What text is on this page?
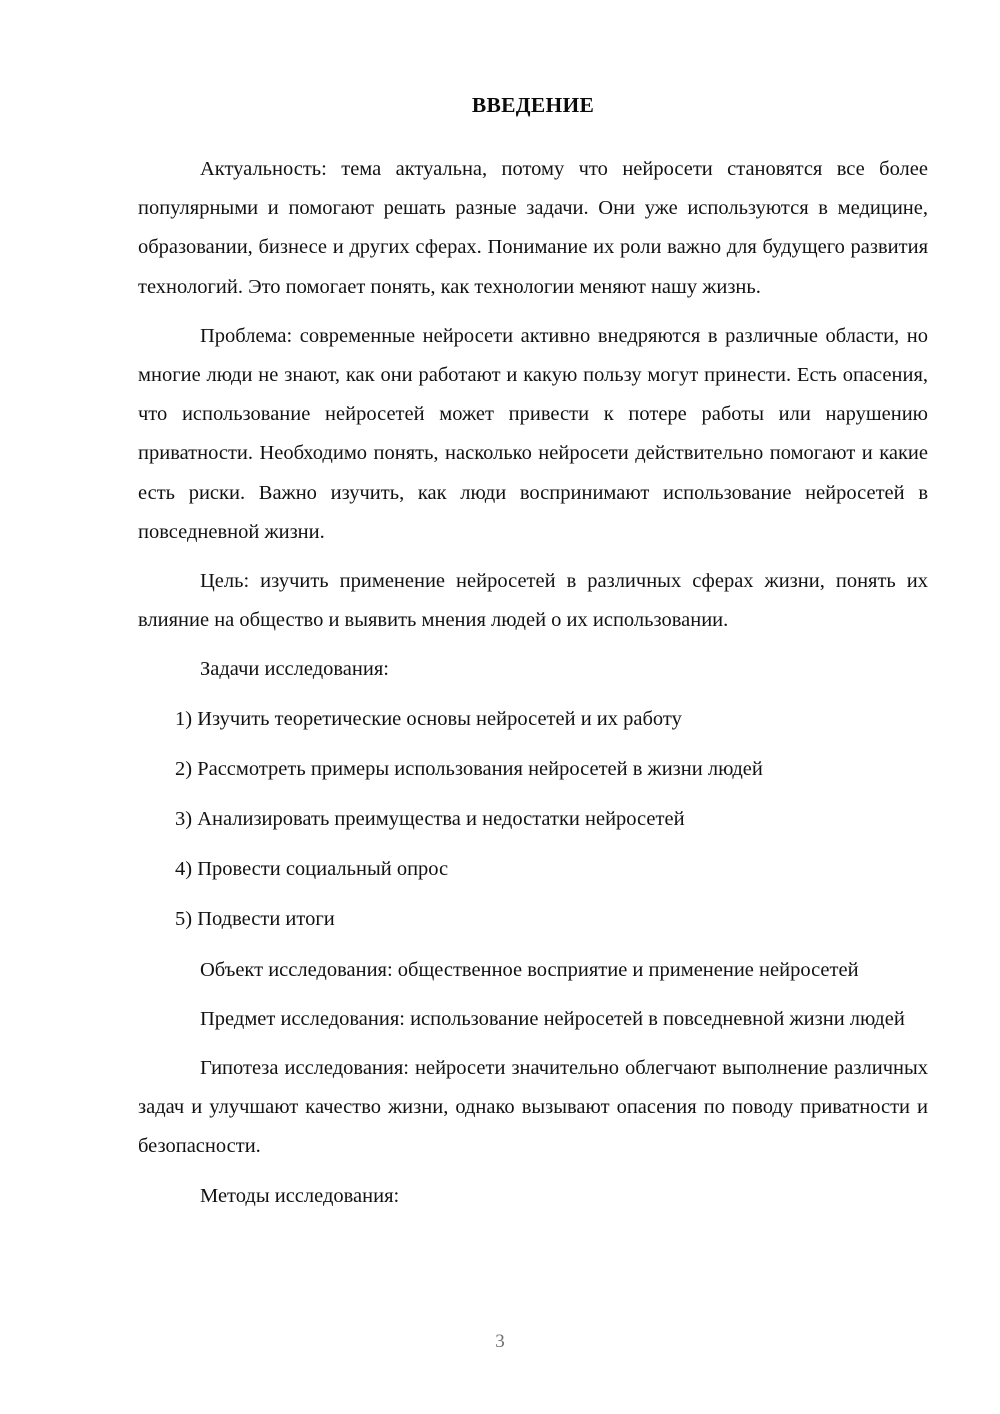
ВВЕДЕНИЕ

Актуальность: тема актуальна, потому что нейросети становятся все более популярными и помогают решать разные задачи. Они уже используются в медицине, образовании, бизнесе и других сферах. Понимание их роли важно для будущего развития технологий. Это помогает понять, как технологии меняют нашу жизнь.

Проблема: современные нейросети активно внедряются в различные области, но многие люди не знают, как они работают и какую пользу могут принести. Есть опасения, что использование нейросетей может привести к потере работы или нарушению приватности. Необходимо понять, насколько нейросети действительно помогают и какие есть риски. Важно изучить, как люди воспринимают использование нейросетей в повседневной жизни.

Цель: изучить применение нейросетей в различных сферах жизни, понять их влияние на общество и выявить мнения людей о их использовании.

Задачи исследования:

1) Изучить теоретические основы нейросетей и их работу

2) Рассмотреть примеры использования нейросетей в жизни людей

3) Анализировать преимущества и недостатки нейросетей

4) Провести социальный опрос

5) Подвести итоги

Объект исследования: общественное восприятие и применение нейросетей

Предмет исследования: использование нейросетей в повседневной жизни людей

Гипотеза исследования: нейросети значительно облегчают выполнение различных задач и улучшают качество жизни, однако вызывают опасения по поводу приватности и безопасности.

Методы исследования:

3
